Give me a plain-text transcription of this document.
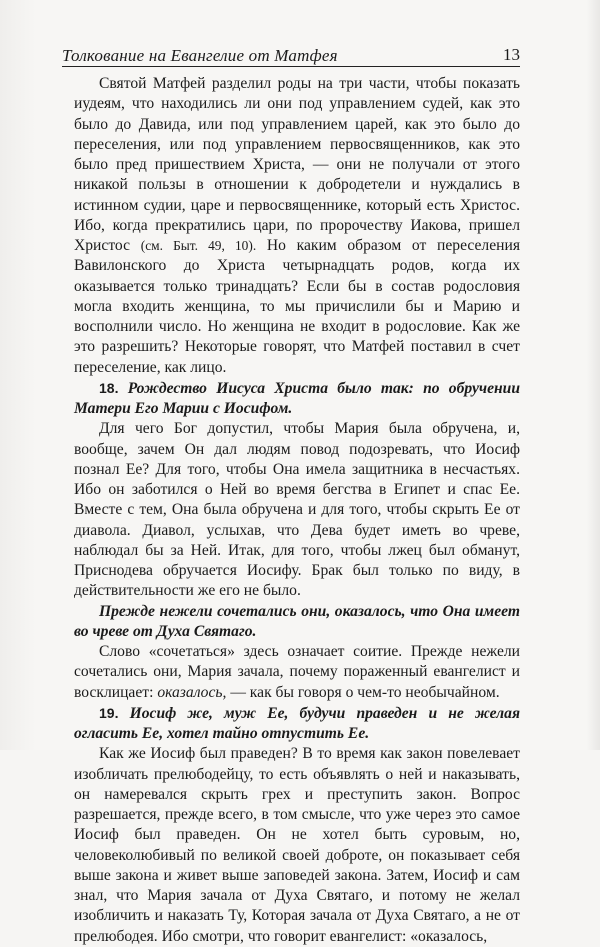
Толкование на Евангелие от Матфея	13

Святой Матфей разделил роды на три части, чтобы показать иудеям, что находились ли они под управлением судей, как это было до Давида, или под управлением царей, как это было до переселения, или под управлением первосвященников, как это было пред пришествием Христа, — они не получали от этого никакой пользы в отношении к добродетели и нуждались в истинном судии, царе и первосвященнике, который есть Христос. Ибо, когда прекратились цари, по пророчеству Иакова, пришел Христос (см. Быт. 49, 10). Но каким образом от переселения Вавилонского до Христа четырнадцать родов, когда их оказывается только тринадцать? Если бы в состав родословия могла входить женщина, то мы причислили бы и Марию и восполнили число. Но женщина не входит в родословие. Как же это разрешить? Некоторые говорят, что Матфей поставил в счет переселение, как лицо.

18. Рождество Иисуса Христа было так: по обручении Матери Его Марии с Иосифом.

Для чего Бог допустил, чтобы Мария была обручена, и, вообще, зачем Он дал людям повод подозревать, что Иосиф познал Ее? Для того, чтобы Она имела защитника в несчастьях. Ибо он заботился о Ней во время бегства в Египет и спас Ее. Вместе с тем, Она была обручена и для того, чтобы скрыть Ее от диавола. Диавол, услыхав, что Дева будет иметь во чреве, наблюдал бы за Ней. Итак, для того, чтобы лжец был обманут, Приснодева обручается Иосифу. Брак был только по виду, в действительности же его не было.

Прежде нежели сочетались они, оказалось, что Она имеет во чреве от Духа Святаго.

Слово «сочетаться» здесь означает соитие. Прежде нежели сочетались они, Мария зачала, почему пораженный евангелист и восклицает: оказалось, — как бы говоря о чем-то необычайном.

19. Иосиф же, муж Ее, будучи праведен и не желая огласить Ее, хотел тайно отпустить Ее.

Как же Иосиф был праведен? В то время как закон повелевает изобличать прелюбодейцу, то есть объявлять о ней и наказывать, он намеревался скрыть грех и преступить закон. Вопрос разрешается, прежде всего, в том смысле, что уже через это самое Иосиф был праведен. Он не хотел быть суровым, но, человеколюбивый по великой своей доброте, он показывает себя выше закона и живет выше заповедей закона. Затем, Иосиф и сам знал, что Мария зачала от Духа Святаго, и потому не желал изобличить и наказать Ту, Которая зачала от Духа Святаго, а не от прелюбодея. Ибо смотри, что говорит евангелист: «оказалось,
